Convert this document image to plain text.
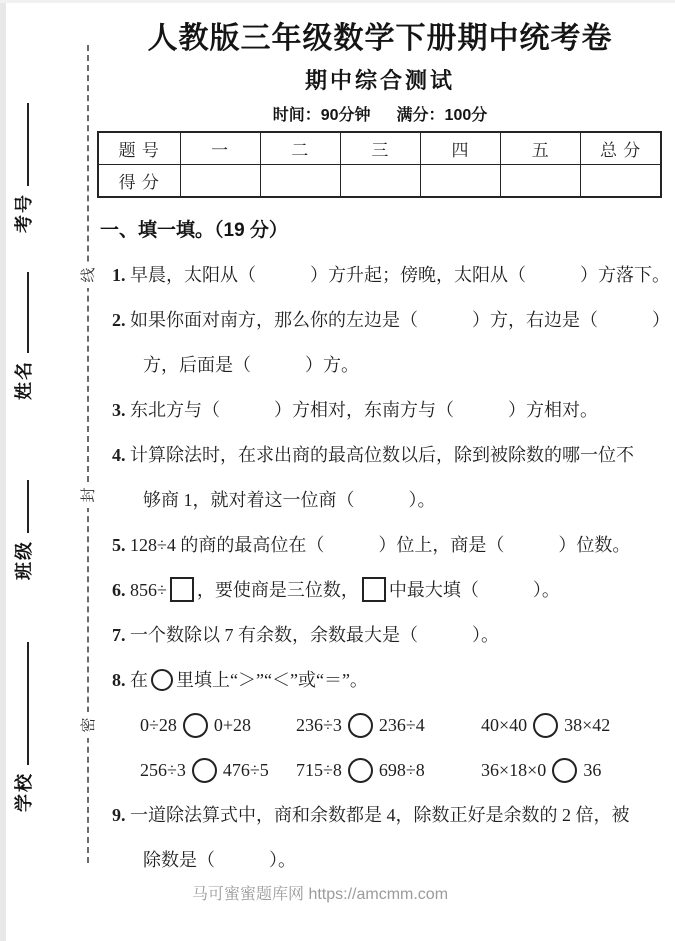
考号
姓名
班级
学校
线
封
密
人教版三年级数学下册期中统考卷
期中综合测试
时间：90分钟 满分：100分
题 号	一	二	三	四	五	总 分
得 分						
一、填一填。（19 分）
1. 早晨，太阳从（　　　）方升起；傍晚，太阳从（　　　）方落下。
2. 如果你面对南方，那么你的左边是（　　　）方，右边是（　　　）
方，后面是（　　　）方。
3. 东北方与（　　　）方相对，东南方与（　　　）方相对。
4. 计算除法时，在求出商的最高位数以后，除到被除数的哪一位不
够商 1，就对着这一位商（　　　）。
5. 128÷4 的商的最高位在（　　　）位上，商是（　　　）位数。
6. 856÷ ，要使商是三位数， 中最大填（　　　）。
7. 一个数除以 7 有余数，余数最大是（　　　）。
8. 在 里填上“＞”“＜”或“＝”。
0÷28 0+28 236÷3 236÷4	40×40 38×42
256÷3 476÷5 715÷8 698÷8	36×18×0 36
9. 一道除法算式中，商和余数都是 4，除数正好是余数的 2 倍，被
除数是（　　　）。
马可蜜蜜题库网 https://amcmm.com
